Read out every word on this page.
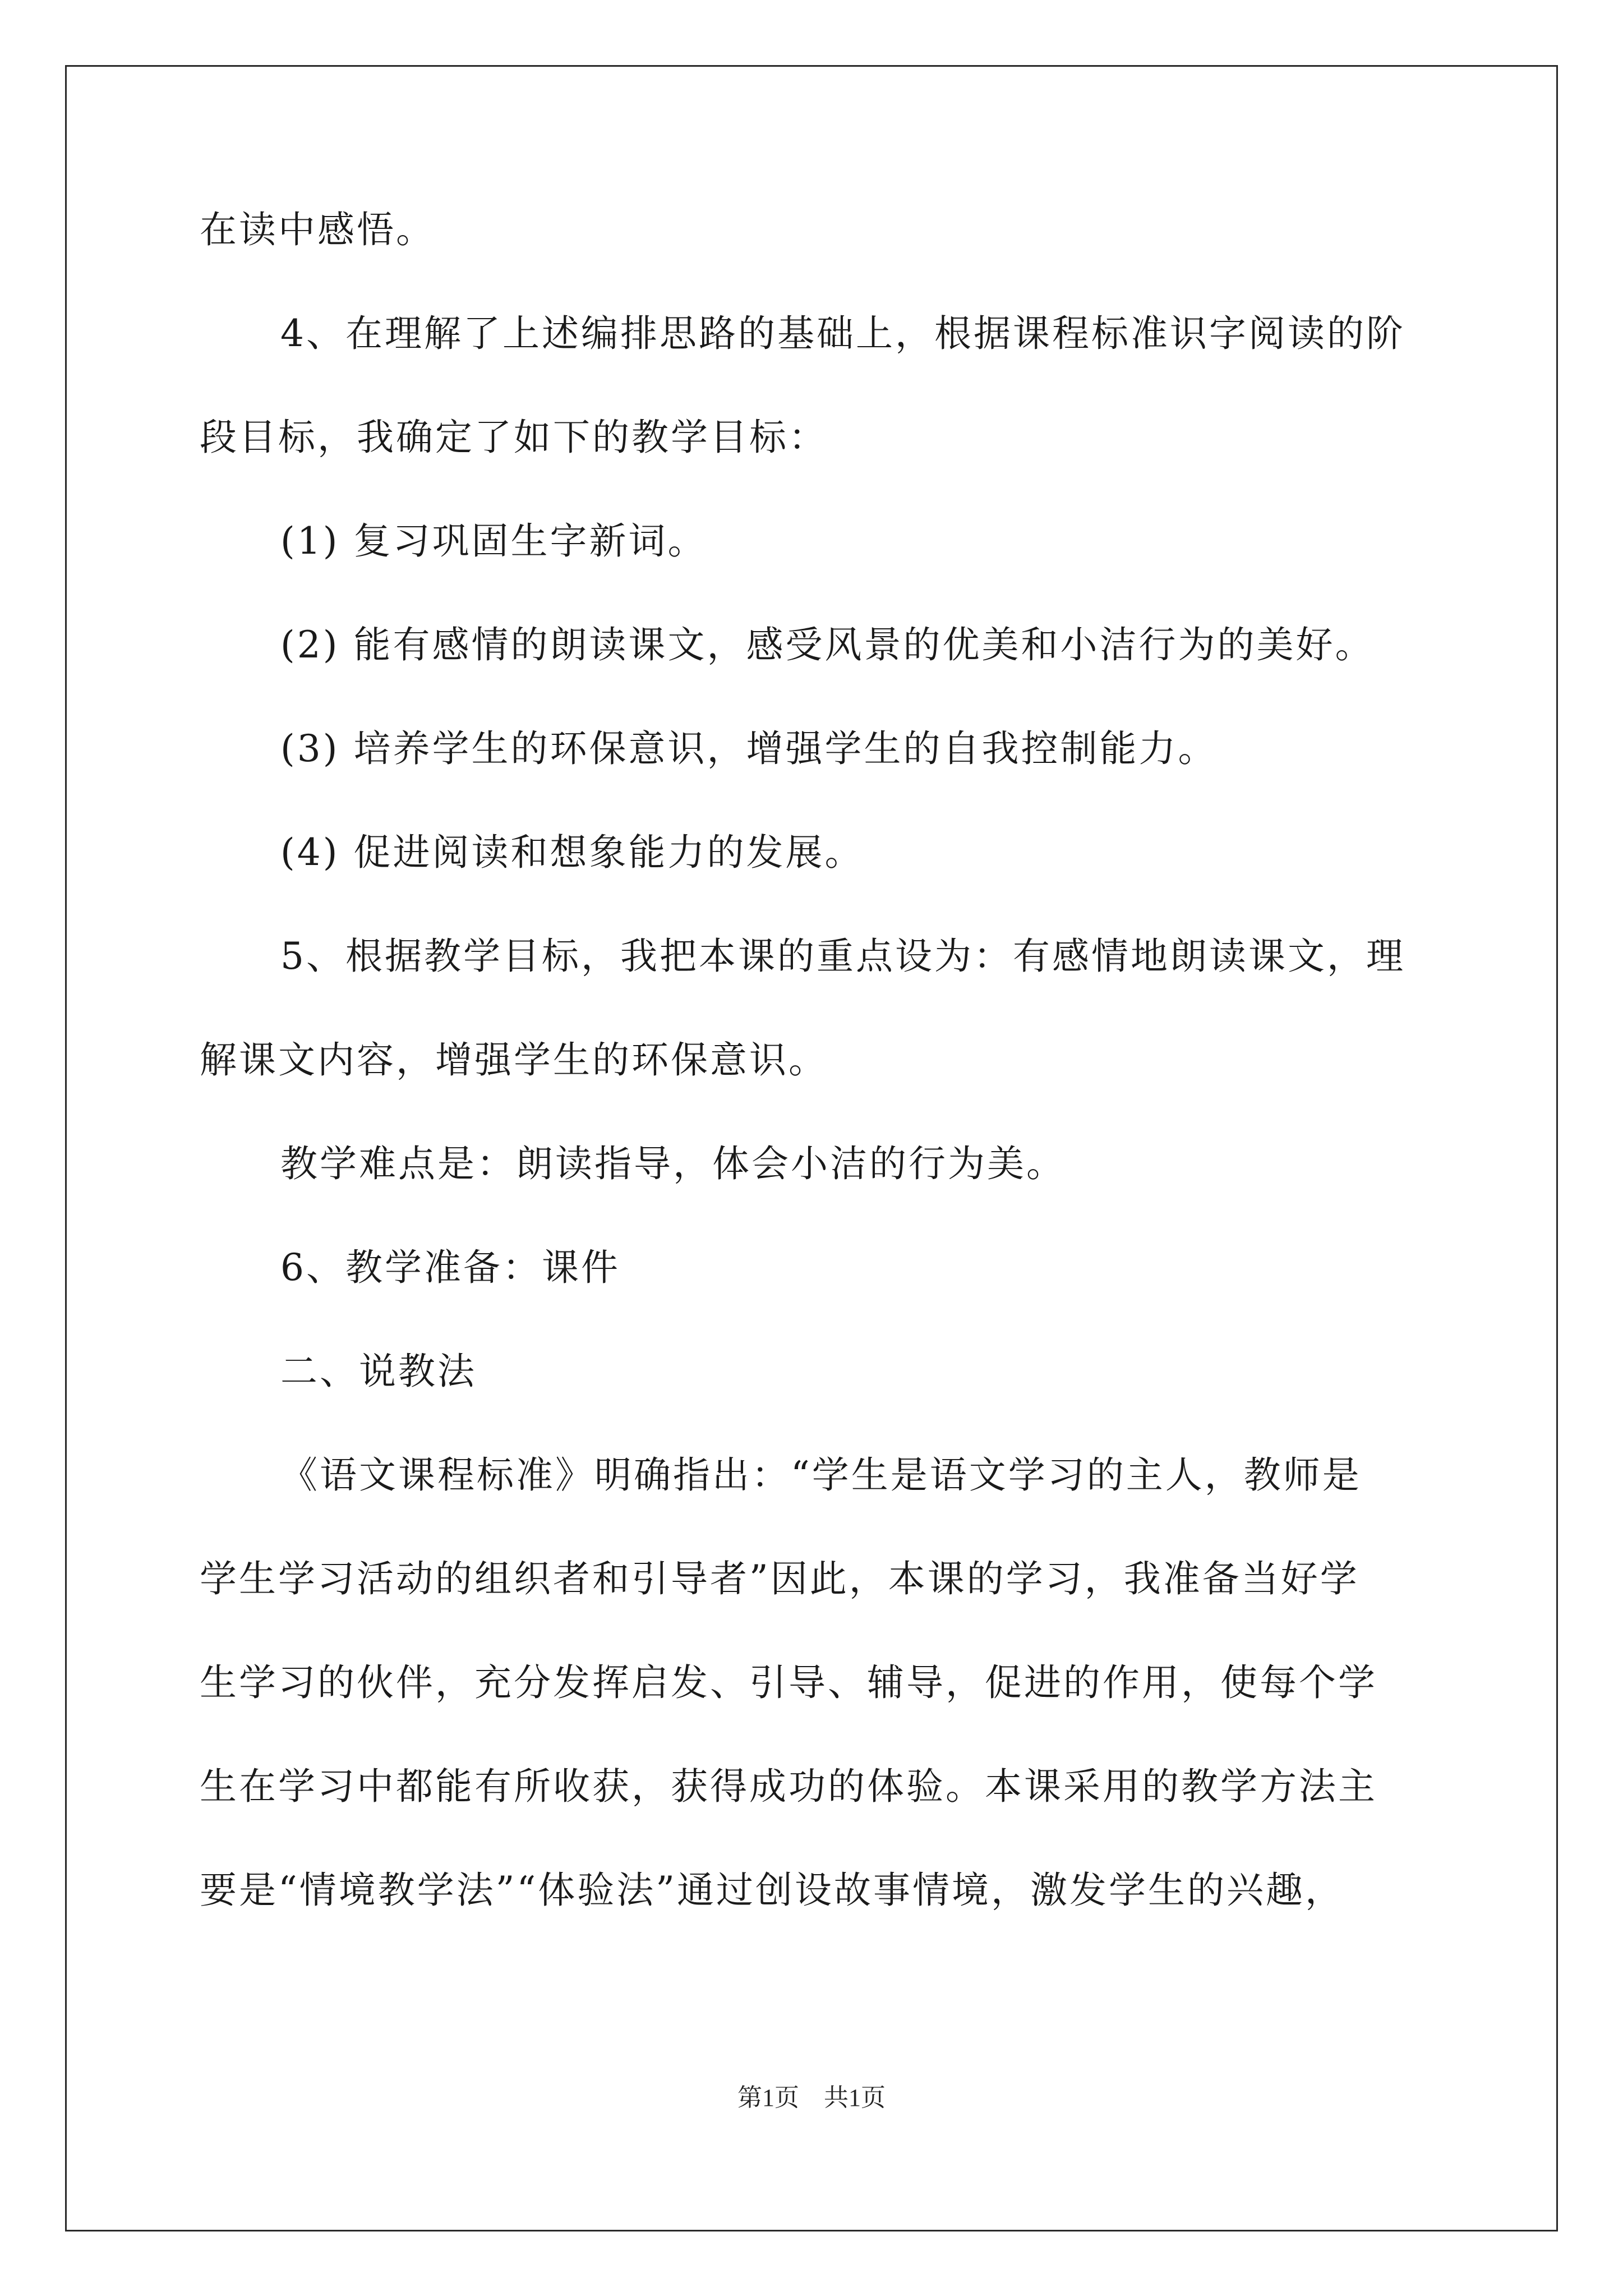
在读中感悟。
4、在理解了上述编排思路的基础上，根据课程标准识字阅读的阶
段目标，我确定了如下的教学目标：
(1) 复习巩固生字新词。
(2) 能有感情的朗读课文，感受风景的优美和小洁行为的美好。
(3) 培养学生的环保意识，增强学生的自我控制能力。
(4) 促进阅读和想象能力的发展。
5、根据教学目标，我把本课的重点设为：有感情地朗读课文，理
解课文内容，增强学生的环保意识。
教学难点是：朗读指导，体会小洁的行为美。
6、教学准备：课件
二、说教法
《语文课程标准》明确指出：“学生是语文学习的主人，教师是
学生学习活动的组织者和引导者”因此，本课的学习，我准备当好学
生学习的伙伴，充分发挥启发、引导、辅导，促进的作用，使每个学
生在学习中都能有所收获，获得成功的体验。本课采用的教学方法主
要是“情境教学法”“体验法”通过创设故事情境，激发学生的兴趣，
第1页　共1页
